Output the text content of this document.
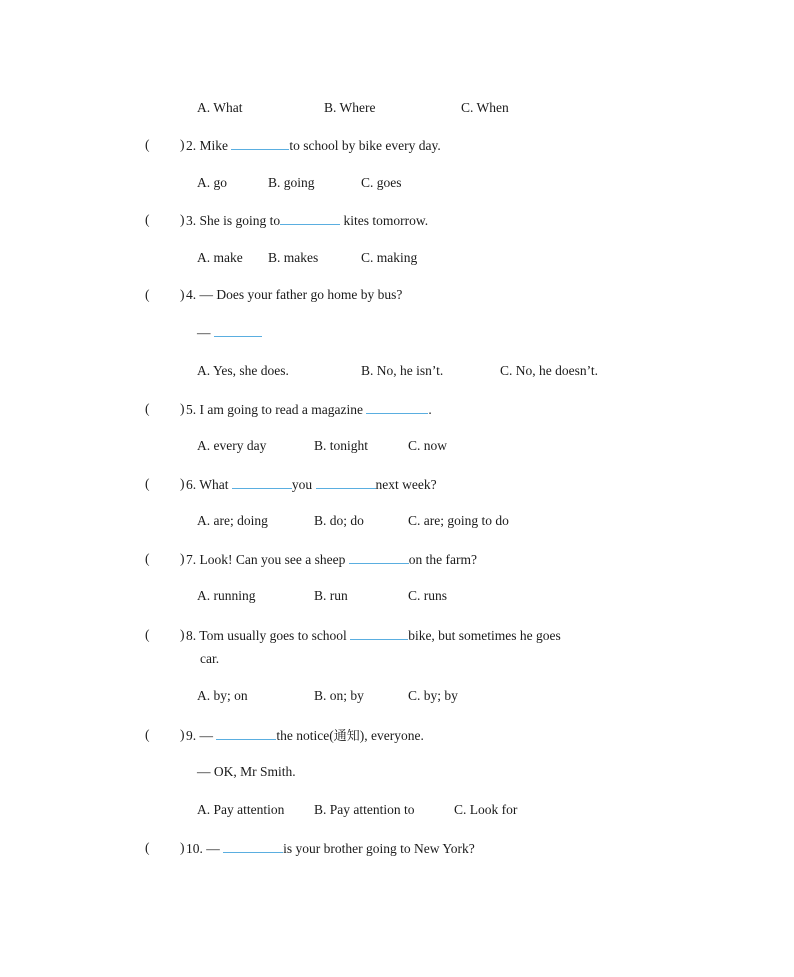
A. What	B. Where	C. When
( ) 2. Mike	to school by bike every day.
A. go	B. going	C. goes
( ) 3. She is going to	kites tomorrow.
A. make B. makes	C. making
( ) 4. — Does your father go home by bus?
—
A. Yes, she does.	B. No, he isn’t.	C. No, he doesn’t.
( ) 5. I am going to read a magazine	.
A. every day	B. tonight	C. now
( ) 6. What	you	next week?
A. are; doing	B. do; do	C. are; going to do
( ) 7. Look! Can you see a sheep	on the farm?
A. running	B. run	C. runs
( ) 8. Tom usually goes to school	bike, but sometimes he goes
car.
A. by; on	B. on; by	C. by; by
( ) 9. —	the notice(通知), everyone.
— OK, Mr Smith.
A. Pay attention B. Pay attention to	C. Look for
( ) 10. —	is your brother going to New York?
